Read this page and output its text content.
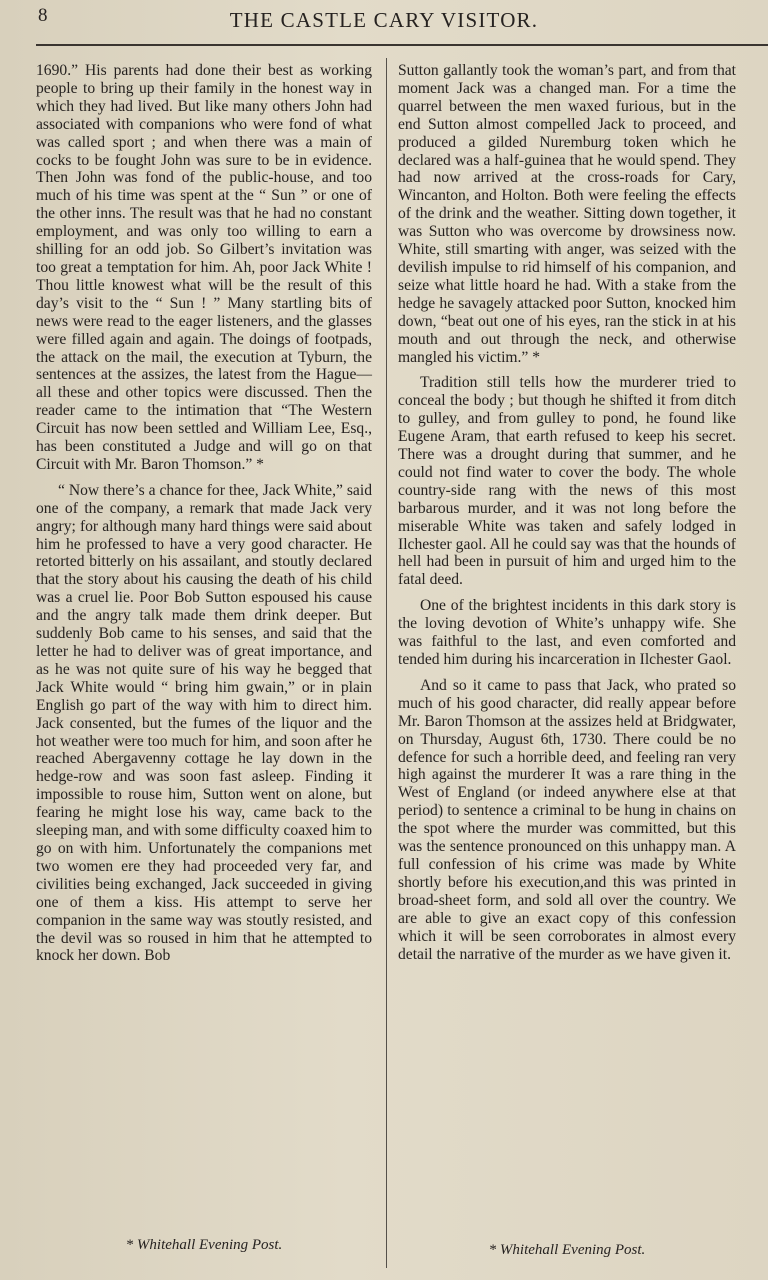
8	THE CASTLE CARY VISITOR.

1690.” His parents had done their best as working people to bring up their family in the honest way in which they had lived. But like many others John had associated with companions who were fond of what was called sport ; and when there was a main of cocks to be fought John was sure to be in evidence. Then John was fond of the public-house, and too much of his time was spent at the “ Sun ” or one of the other inns. The result was that he had no constant employment, and was only too willing to earn a shilling for an odd job. So Gilbert’s invitation was too great a temptation for him. Ah, poor Jack White ! Thou little knowest what will be the result of this day’s visit to the “ Sun ! ” Many startling bits of news were read to the eager listeners, and the glasses were filled again and again. The doings of footpads, the attack on the mail, the execution at Tyburn, the sentences at the assizes, the latest from the Hague—all these and other topics were discussed. Then the reader came to the intimation that “The Western Circuit has now been settled and William Lee, Esq., has been constituted a Judge and will go on that Circuit with Mr. Baron Thomson.” *

“ Now there’s a chance for thee, Jack White,” said one of the company, a remark that made Jack very angry; for although many hard things were said about him he professed to have a very good character. He retorted bitterly on his assailant, and stoutly declared that the story about his causing the death of his child was a cruel lie. Poor Bob Sutton espoused his cause and the angry talk made them drink deeper. But suddenly Bob came to his senses, and said that the letter he had to deliver was of great importance, and as he was not quite sure of his way he begged that Jack White would “ bring him gwain,” or in plain English go part of the way with him to direct him. Jack consented, but the fumes of the liquor and the hot weather were too much for him, and soon after he reached Abergavenny cottage he lay down in the hedge-row and was soon fast asleep. Finding it impossible to rouse him, Sutton went on alone, but fearing he might lose his way, came back to the sleeping man, and with some difficulty coaxed him to go on with him. Unfortunately the companions met two women ere they had proceeded very far, and civilities being exchanged, Jack succeeded in giving one of them a kiss. His attempt to serve her companion in the same way was stoutly resisted, and the devil was so roused in him that he attempted to knock her down. Bob

* Whitehall Evening Post.

Sutton gallantly took the woman’s part, and from that moment Jack was a changed man. For a time the quarrel between the men waxed furious, but in the end Sutton almost compelled Jack to proceed, and produced a gilded Nuremburg token which he declared was a half-guinea that he would spend. They had now arrived at the cross-roads for Cary, Wincanton, and Holton. Both were feeling the effects of the drink and the weather. Sitting down together, it was Sutton who was overcome by drowsiness now. White, still smarting with anger, was seized with the devilish impulse to rid himself of his companion, and seize what little hoard he had. With a stake from the hedge he savagely attacked poor Sutton, knocked him down, “beat out one of his eyes, ran the stick in at his mouth and out through the neck, and otherwise mangled his victim.” *

Tradition still tells how the murderer tried to conceal the body ; but though he shifted it from ditch to gulley, and from gulley to pond, he found like Eugene Aram, that earth refused to keep his secret. There was a drought during that summer, and he could not find water to cover the body. The whole country-side rang with the news of this most barbarous murder, and it was not long before the miserable White was taken and safely lodged in Ilchester gaol. All he could say was that the hounds of hell had been in pursuit of him and urged him to the fatal deed.

One of the brightest incidents in this dark story is the loving devotion of White’s unhappy wife. She was faithful to the last, and even comforted and tended him during his incarceration in Ilchester Gaol.

And so it came to pass that Jack, who prated so much of his good character, did really appear before Mr. Baron Thomson at the assizes held at Bridgwater, on Thursday, August 6th, 1730. There could be no defence for such a horrible deed, and feeling ran very high against the murderer It was a rare thing in the West of England (or indeed anywhere else at that period) to sentence a criminal to be hung in chains on the spot where the murder was committed, but this was the sentence pronounced on this unhappy man. A full confession of his crime was made by White shortly before his execution,and this was printed in broad-sheet form, and sold all over the country. We are able to give an exact copy of this confession which it will be seen corroborates in almost every detail the narrative of the murder as we have given it.

* Whitehall Evening Post.
